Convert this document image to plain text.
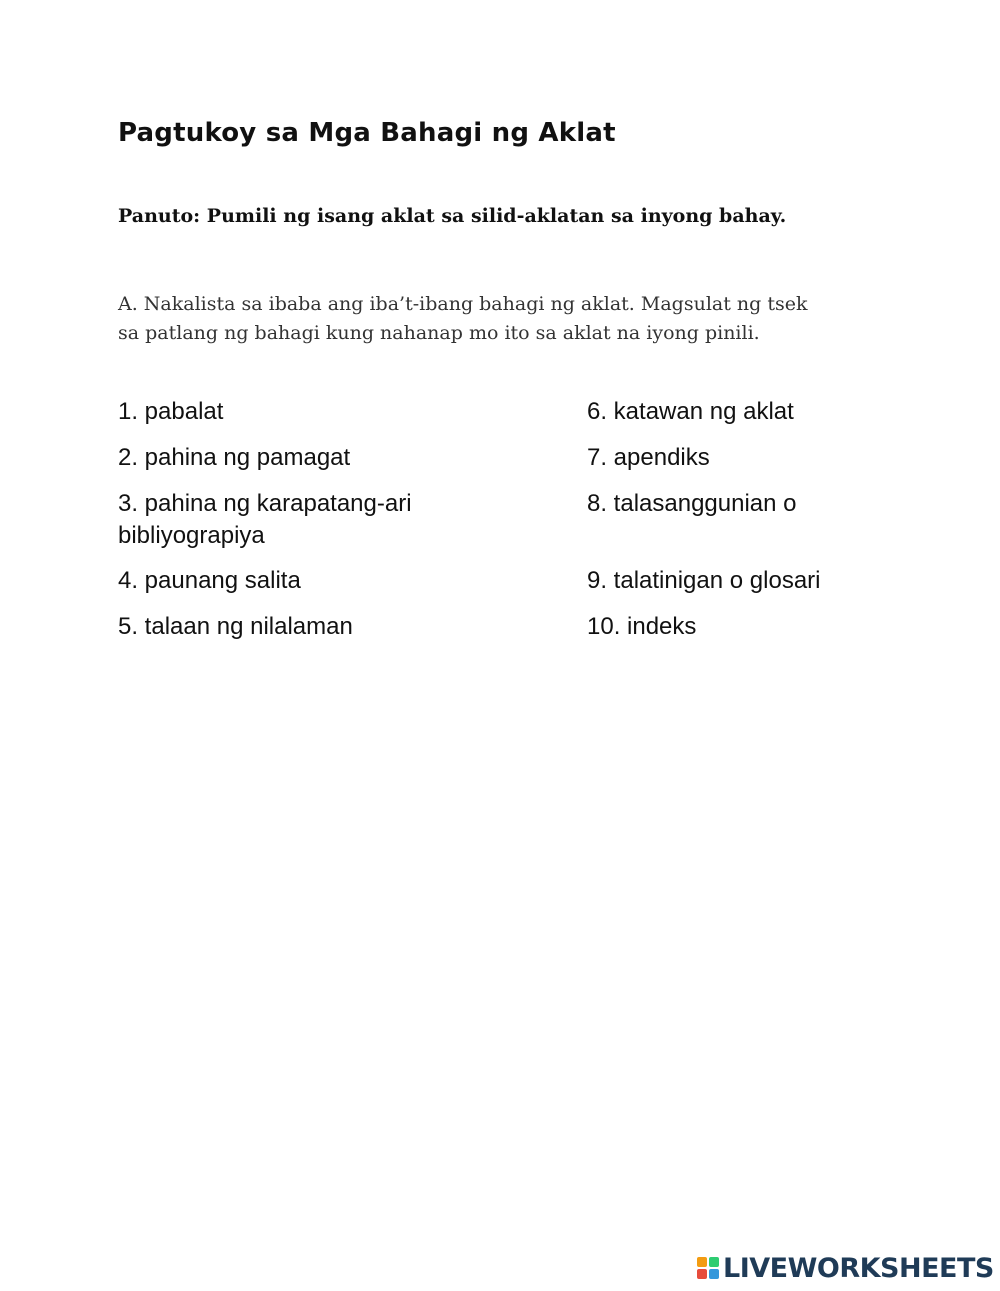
Pagtukoy sa Mga Bahagi ng Aklat
Panuto: Pumili ng isang aklat sa silid-aklatan sa inyong bahay.
A. Nakalista sa ibaba ang iba’t-ibang bahagi ng aklat. Magsulat ng tsek
sa patlang ng bahagi kung nahanap mo ito sa aklat na iyong pinili.
1. pabalat
2. pahina ng pamagat
3. pahina ng karapatang-ari
bibliyograpiya
4. paunang salita
5. talaan ng nilalaman
6. katawan ng aklat
7. apendiks
8. talasanggunian o
9. talatinigan o glosari
10. indeks
LIVEWORKSHEETS
